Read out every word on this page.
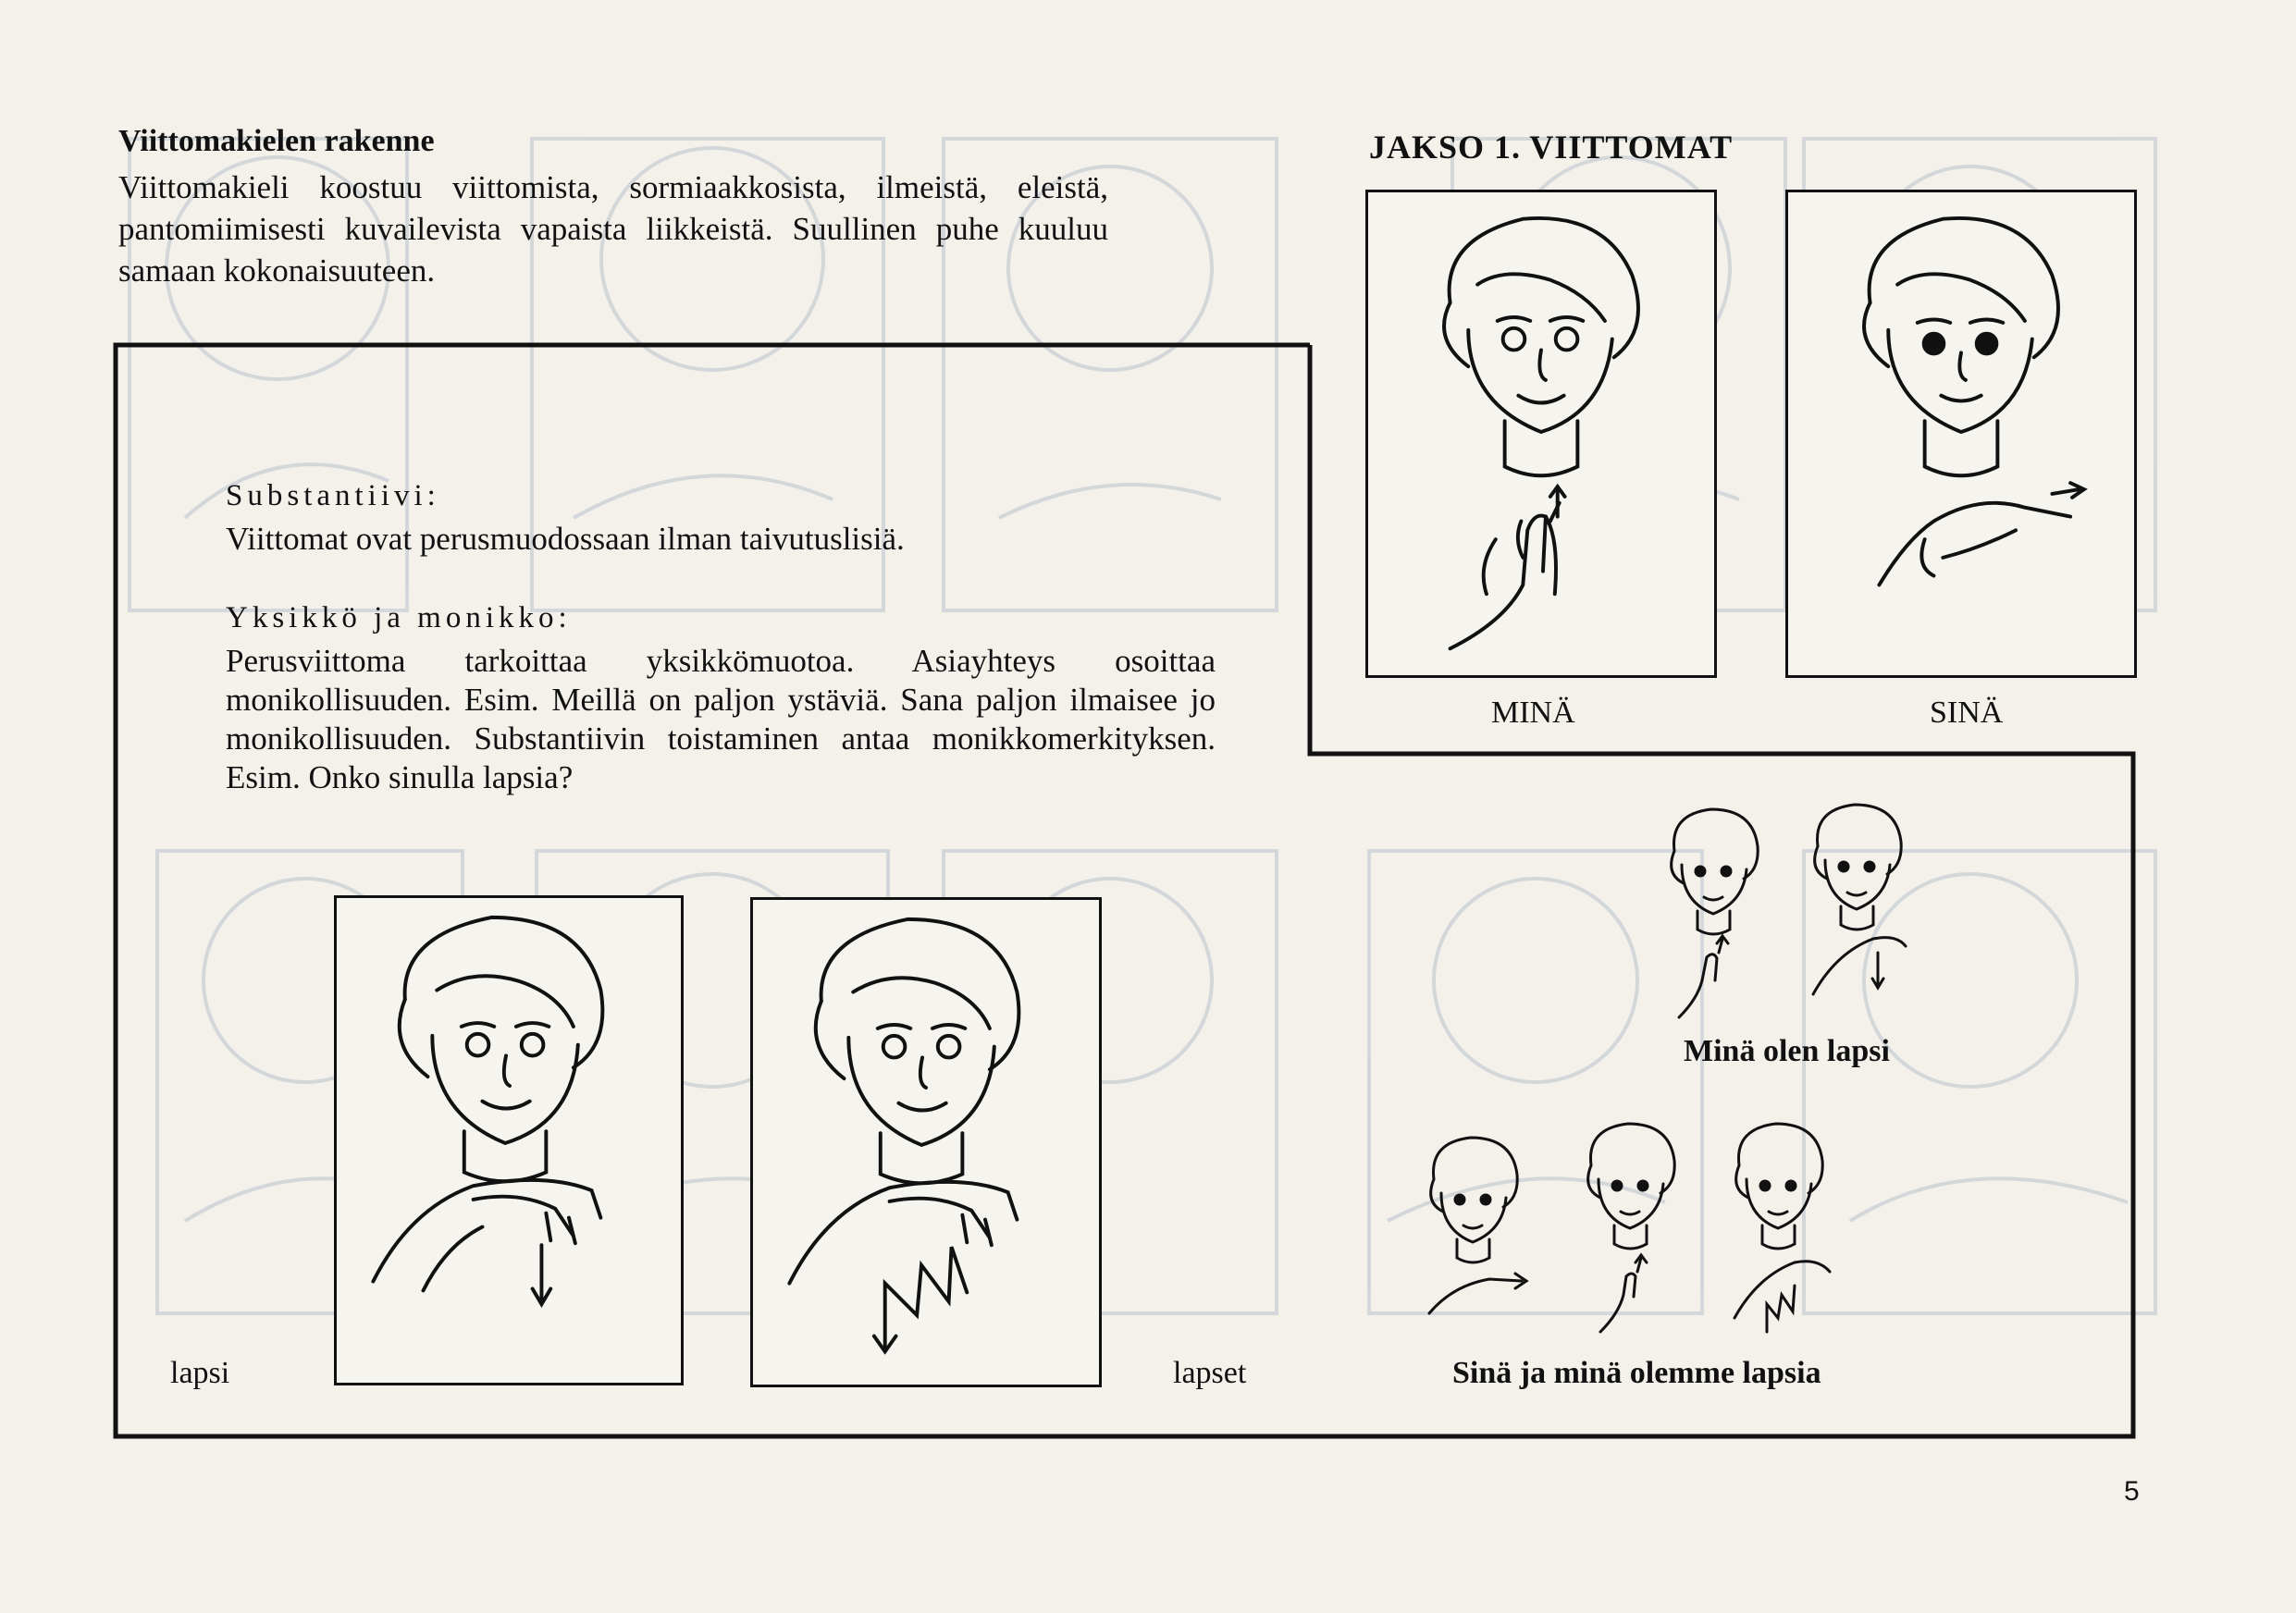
Viittomakielen rakenne
Viittomakieli koostuu viittomista, sormiaakkosista, ilmeistä, eleistä, pantomiimisesti kuvailevista vapaista liikkeistä. Suullinen puhe kuuluu samaan kokonaisuuteen.
JAKSO 1. VIITTOMAT
MINÄ	SINÄ
Substantiivi:
Viittomat ovat perusmuodossaan ilman taivutuslisiä.
Yksikkö ja monikko:
Perusviittoma tarkoittaa yksikkömuotoa. Asiayhteys osoittaa monikollisuuden. Esim. Meillä on paljon ystäviä. Sana paljon ilmaisee jo monikollisuuden. Substantiivin toistaminen antaa monikkomerkityksen. Esim. Onko sinulla lapsia?
lapsi	lapset
Minä olen lapsi
Sinä ja minä olemme lapsia
5
